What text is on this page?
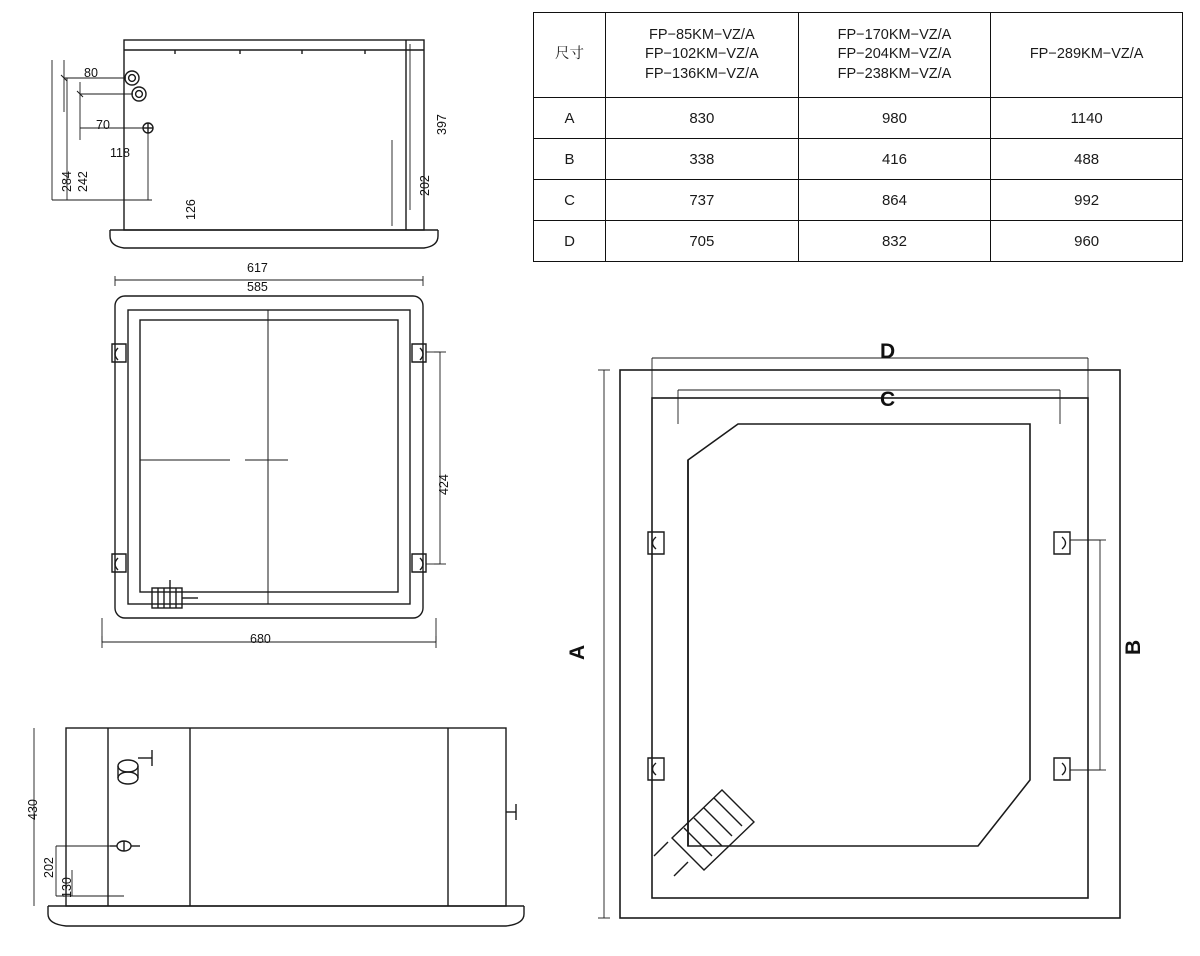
尺寸	FP−85KM−VZ/A
FP−102KM−VZ/A
FP−136KM−VZ/A	FP−170KM−VZ/A
FP−204KM−VZ/A
FP−238KM−VZ/A	FP−289KM−VZ/A

A	830	980	1140
B	338	416	488
C	737	864	992
D	705	832	960
80
70
118
126
284 242
397
202
617
585
424
680
430
202
130
D
C
A	B
